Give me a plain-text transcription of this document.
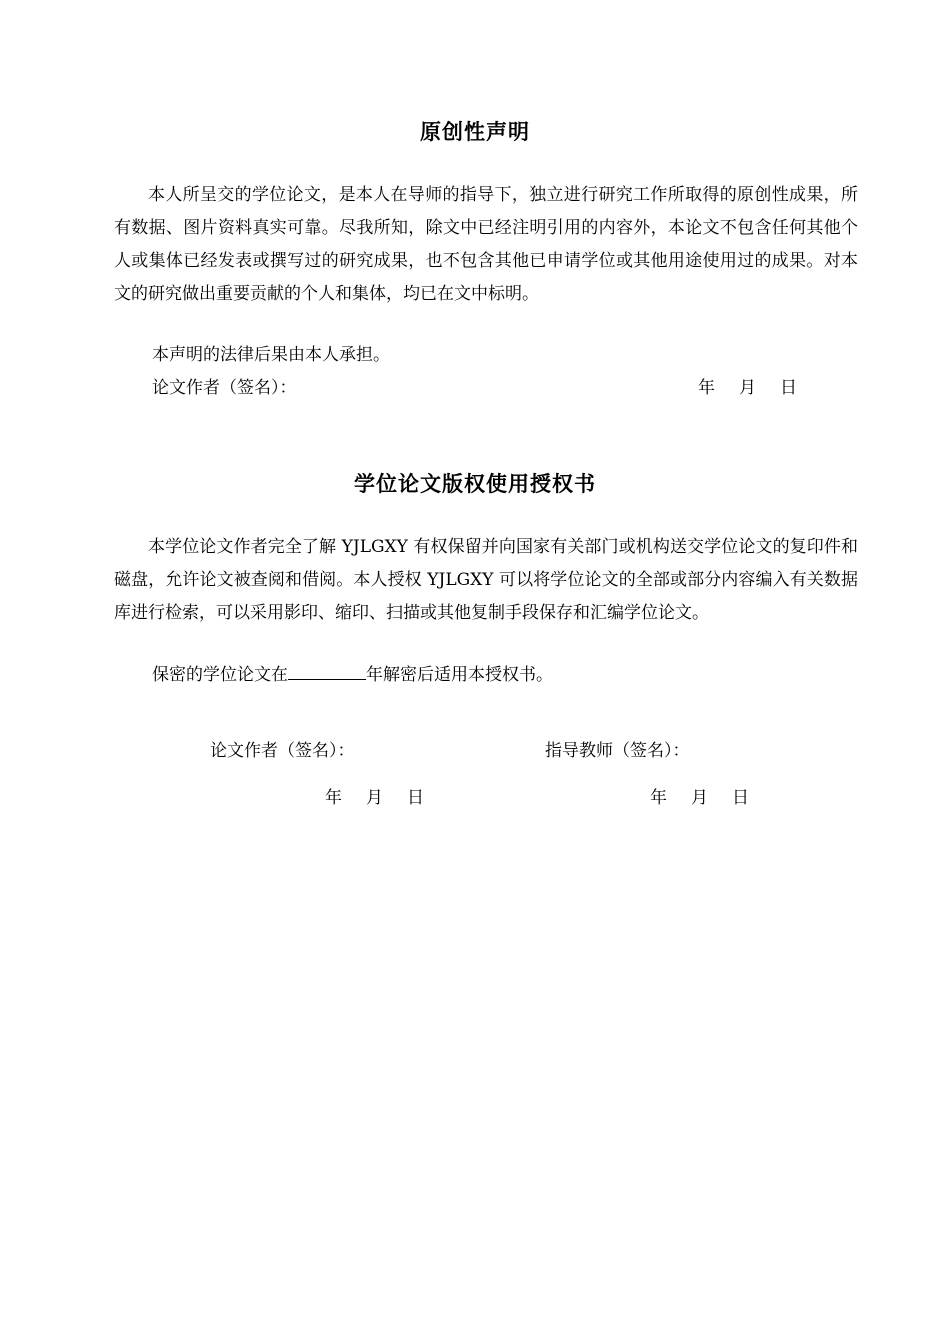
原创性声明

本人所呈交的学位论文，是本人在导师的指导下，独立进行研究工作所取得的原创性成果，所有数据、图片资料真实可靠。尽我所知，除文中已经注明引用的内容外，本论文不包含任何其他个人或集体已经发表或撰写过的研究成果，也不包含其他已申请学位或其他用途使用过的成果。对本文的研究做出重要贡献的个人和集体，均已在文中标明。

本声明的法律后果由本人承担。

论文作者（签名）：	年 月 日

学位论文版权使用授权书

本学位论文作者完全了解 YJLGXY 有权保留并向国家有关部门或机构送交学位论文的复印件和磁盘，允许论文被查阅和借阅。本人授权 YJLGXY 可以将学位论文的全部或部分内容编入有关数据库进行检索，可以采用影印、缩印、扫描或其他复制手段保存和汇编学位论文。

保密的学位论文在	年解密后适用本授权书。

论文作者（签名）：	指导教师（签名）：

年 月 日	年 月 日
